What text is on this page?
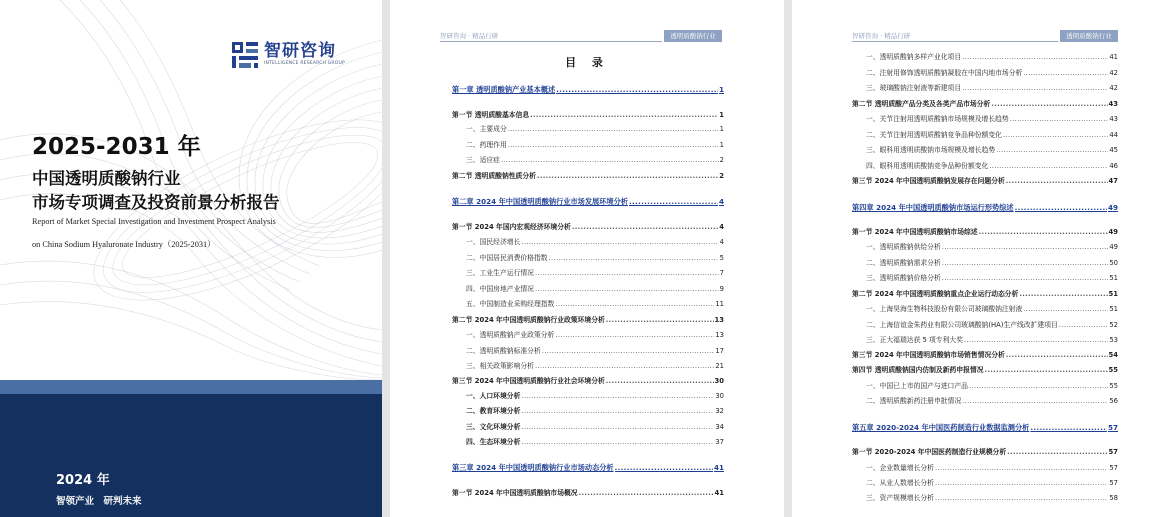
智研咨询
INTELLIGENCE RESEARCH GROUP
2025-2031 年
中国透明质酸钠行业
市场专项调查及投资前景分析报告
Report of Market Special Investigation and Investment Prospect Analysis
on China Sodium Hyaluronate Industry（2025-2031）
2024 年
智领产业　研判未来
智研咨询 · 精品行研	透明质酸钠行业
目 录
第一章 透明质酸钠产业基本概述 .....	1
第一节 透明质酸基本信息 .....	1
一、主要成分 .....	1
二、药理作用 .....	1
三、适应症 .....	2
第二节 透明质酸钠性质分析 .....	2
第二章 2024 年中国透明质酸钠行业市场发展环境分析 .....	4
第一节 2024 年国内宏观经济环境分析 .....	4
一、国民经济增长 .....	4
二、中国居民消费价格指数 .....	5
三、工业生产运行情况 .....	7
四、中国房地产业情况 .....	9
五、中国制造业采购经理指数 .....	11
第二节 2024 年中国透明质酸钠行业政策环境分析 .....	13
一、透明质酸钠产业政策分析 .....	13
二、透明质酸钠标准分析 .....	17
三、相关政策影响分析 .....	21
第三节 2024 年中国透明质酸钠行业社会环境分析 .....	30
一、人口环境分析 .....	30
二、教育环境分析 .....	32
三、文化环境分析 .....	34
四、生态环境分析 .....	37
第三章 2024 年中国透明质酸钠行业市场动态分析 .....	41
第一节 2024 年中国透明质酸钠市场概况 .....	41
智研咨询 · 精品行研	透明质酸钠行业
一、透明质酸钠多样产业化项目 .....	41
二、注射用修饰透明质酸钠凝胶在中国内地市场分析 .....	42
三、玻璃酸钠注射液等新建项目 .....	42
第二节 透明质酸产品分类及各类产品市场分析 .....	43
一、关节注射用透明质酸钠市场规模及增长趋势 .....	43
二、关节注射用透明质酸钠竞争品种份额变化 .....	44
三、眼科用透明质酸钠市场规模及增长趋势 .....	45
四、眼科用透明质酸钠竞争品种份额变化 .....	46
第三节 2024 年中国透明质酸钠发展存在问题分析 .....	47
第四章 2024 年中国透明质酸钠市场运行形势综述 .....	49
第一节 2024 年中国透明质酸钠市场综述 .....	49
一、透明质酸钠供给分析 .....	49
二、透明质酸钠需求分析 .....	50
三、透明质酸钠价格分析 .....	51
第二节 2024 年中国透明质酸钠重点企业运行动态分析 .....	51
一、上海昊海生物科技股份有限公司玻璃酸钠注射液 .....	51
二、上海信谊金朱药业有限公司玻璃酸钠(HA)生产线改扩建项目 .....	52
三、正大福瑞达获 5 项专利大奖 .....	53
第三节 2024 年中国透明质酸钠市场销售情况分析 .....	54
第四节 透明质酸钠国内仿制及新药申报情况 .....	55
一、中国已上市的国产与进口产品 .....	55
二、透明质酸新药注册申批情况 .....	56
第五章 2020-2024 年中国医药制造行业数据监测分析 .....	57
第一节 2020-2024 年中国医药制造行业规模分析 .....	57
一、企业数量增长分析 .....	57
二、从业人数增长分析 .....	57
三、资产规模增长分析 .....	58
